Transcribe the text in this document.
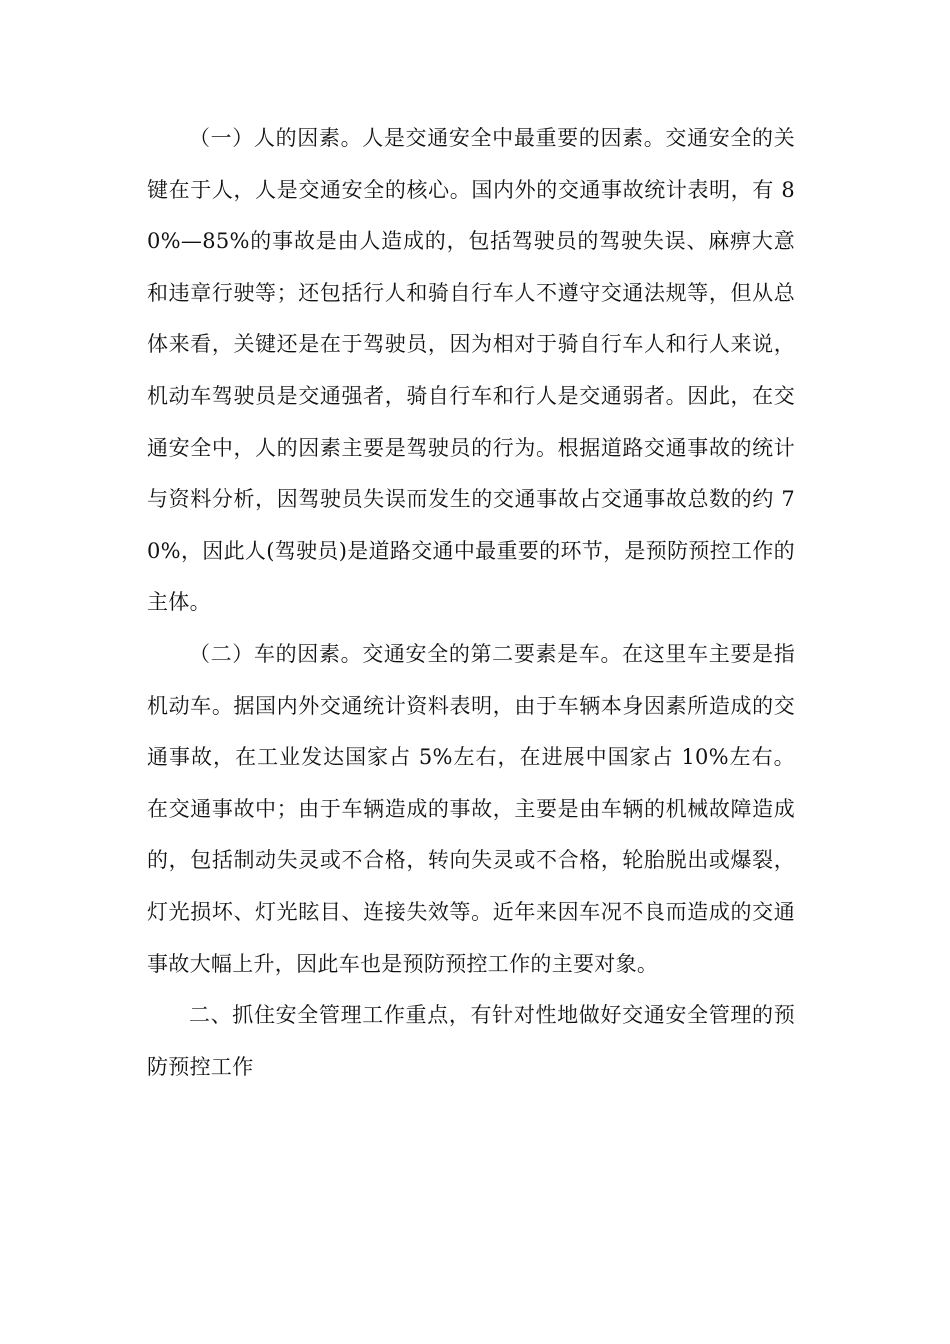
（一）人的因素。人是交通安全中最重要的因素。交通安全的关键在于人，人是交通安全的核心。国内外的交通事故统计表明，有 80%—85%的事故是由人造成的，包括驾驶员的驾驶失误、麻痹大意和违章行驶等；还包括行人和骑自行车人不遵守交通法规等，但从总体来看，关键还是在于驾驶员，因为相对于骑自行车人和行人来说，机动车驾驶员是交通强者，骑自行车和行人是交通弱者。因此，在交通安全中，人的因素主要是驾驶员的行为。根据道路交通事故的统计与资料分析，因驾驶员失误而发生的交通事故占交通事故总数的约 70%，因此人(驾驶员)是道路交通中最重要的环节，是预防预控工作的主体。

（二）车的因素。交通安全的第二要素是车。在这里车主要是指机动车。据国内外交通统计资料表明，由于车辆本身因素所造成的交通事故，在工业发达国家占 5%左右，在进展中国家占 10%左右。在交通事故中；由于车辆造成的事故，主要是由车辆的机械故障造成的，包括制动失灵或不合格，转向失灵或不合格，轮胎脱出或爆裂，灯光损坏、灯光眩目、连接失效等。近年来因车况不良而造成的交通事故大幅上升，因此车也是预防预控工作的主要对象。

二、抓住安全管理工作重点，有针对性地做好交通安全管理的预防预控工作
